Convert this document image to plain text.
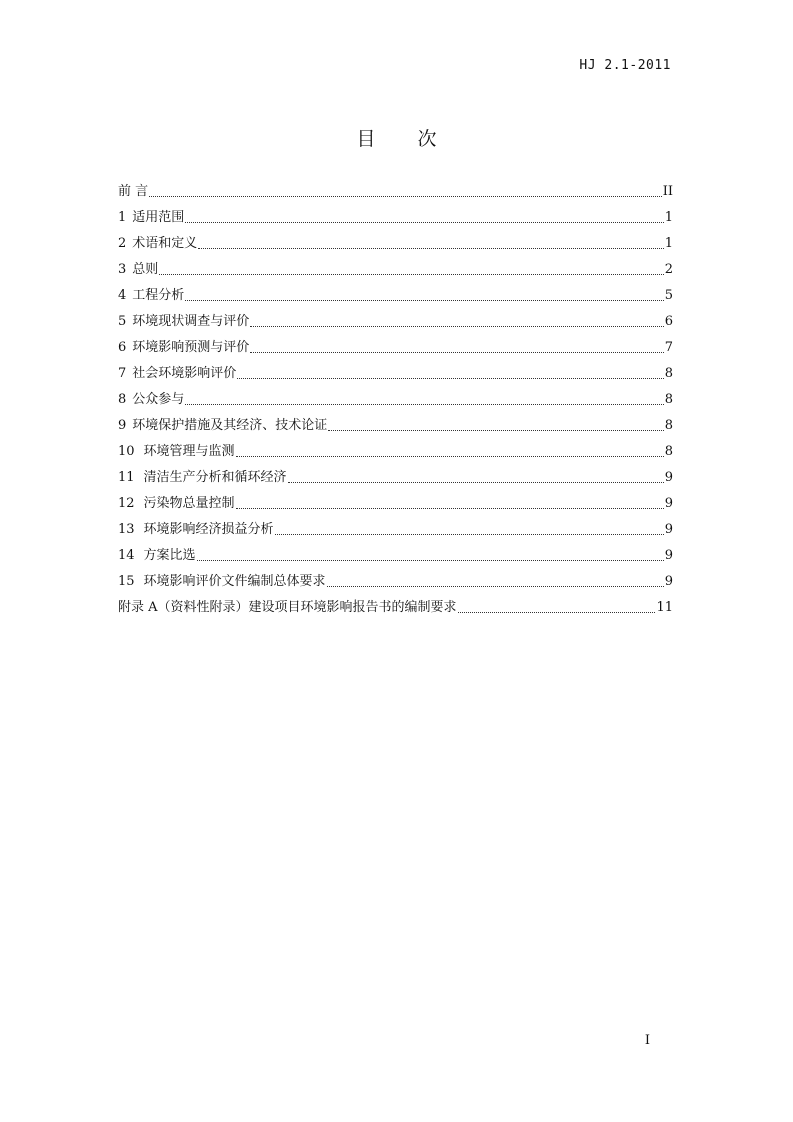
HJ 2.1-2011
目 次
前 言	II
1 适用范围	1
2 术语和定义	1
3 总则	2
4 工程分析	5
5 环境现状调查与评价	6
6 环境影响预测与评价	7
7 社会环境影响评价	8
8 公众参与	8
9 环境保护措施及其经济、技术论证	8
10 环境管理与监测	8
11 清洁生产分析和循环经济	9
12 污染物总量控制	9
13 环境影响经济损益分析	9
14 方案比选	9
15 环境影响评价文件编制总体要求	9
附录 A（资料性附录）建设项目环境影响报告书的编制要求	11
I
